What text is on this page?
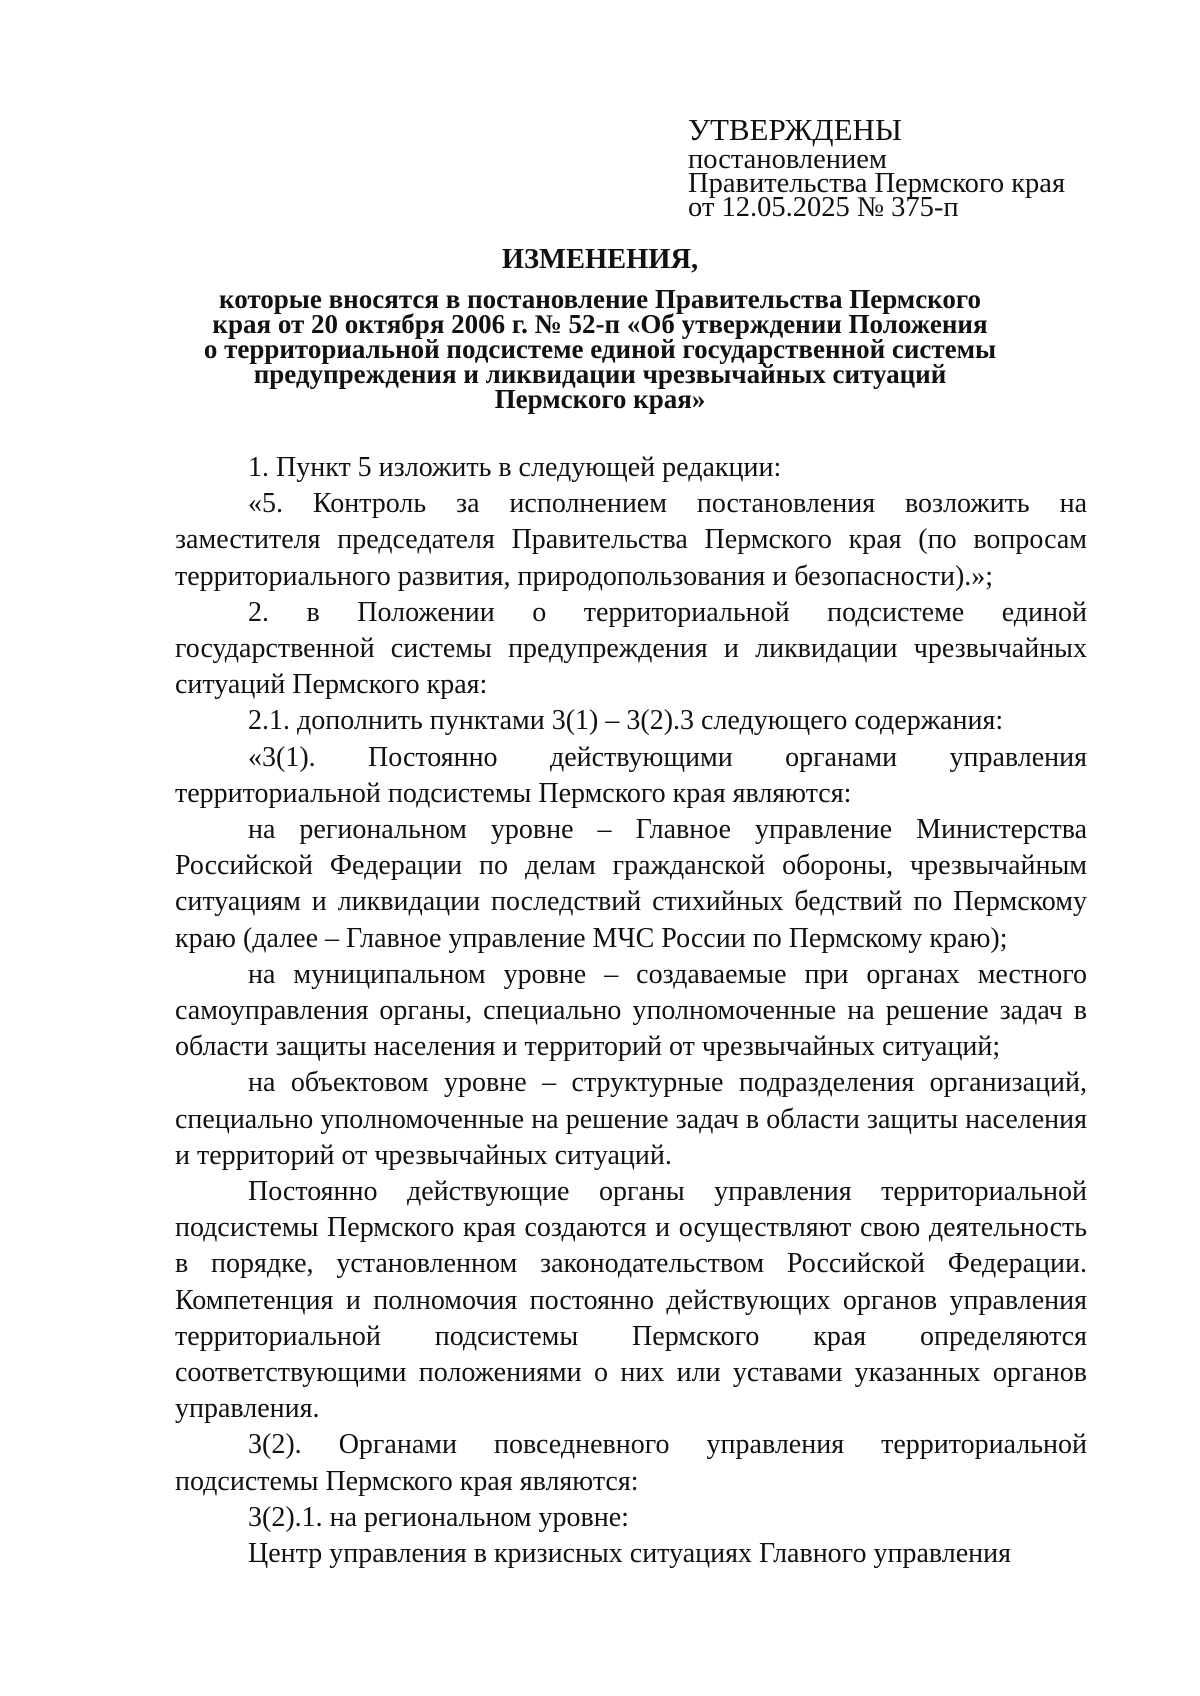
УТВЕРЖДЕНЫ
постановлением
Правительства Пермского края
от 12.05.2025 № 375-п
ИЗМЕНЕНИЯ,
которые вносятся в постановление Правительства Пермского
края от 20 октября 2006 г. № 52-п «Об утверждении Положения
о территориальной подсистеме единой государственной системы
предупреждения и ликвидации чрезвычайных ситуаций
Пермского края»

1. Пункт 5 изложить в следующей редакции:

«5. Контроль за исполнением постановления возложить на заместителя председателя Правительства Пермского края (по вопросам территориального развития, природопользования и безопасности).»;

2. в Положении о территориальной подсистеме единой государственной системы предупреждения и ликвидации чрезвычайных ситуаций Пермского края:

2.1. дополнить пунктами 3(1) – 3(2).3 следующего содержания:

«3(1). Постоянно действующими органами управления территориальной подсистемы Пермского края являются:

на региональном уровне – Главное управление Министерства Российской Федерации по делам гражданской обороны, чрезвычайным ситуациям и ликвидации последствий стихийных бедствий по Пермскому краю (далее – Главное управление МЧС России по Пермскому краю);

на муниципальном уровне – создаваемые при органах местного самоуправления органы, специально уполномоченные на решение задач в области защиты населения и территорий от чрезвычайных ситуаций;

на объектовом уровне – структурные подразделения организаций, специально уполномоченные на решение задач в области защиты населения и территорий от чрезвычайных ситуаций.

Постоянно действующие органы управления территориальной подсистемы Пермского края создаются и осуществляют свою деятельность в порядке, установленном законодательством Российской Федерации. Компетенция и полномочия постоянно действующих органов управления территориальной подсистемы Пермского края определяются соответствующими положениями о них или уставами указанных органов управления.

3(2). Органами повседневного управления территориальной подсистемы Пермского края являются:

3(2).1. на региональном уровне:

Центр управления в кризисных ситуациях Главного управления
